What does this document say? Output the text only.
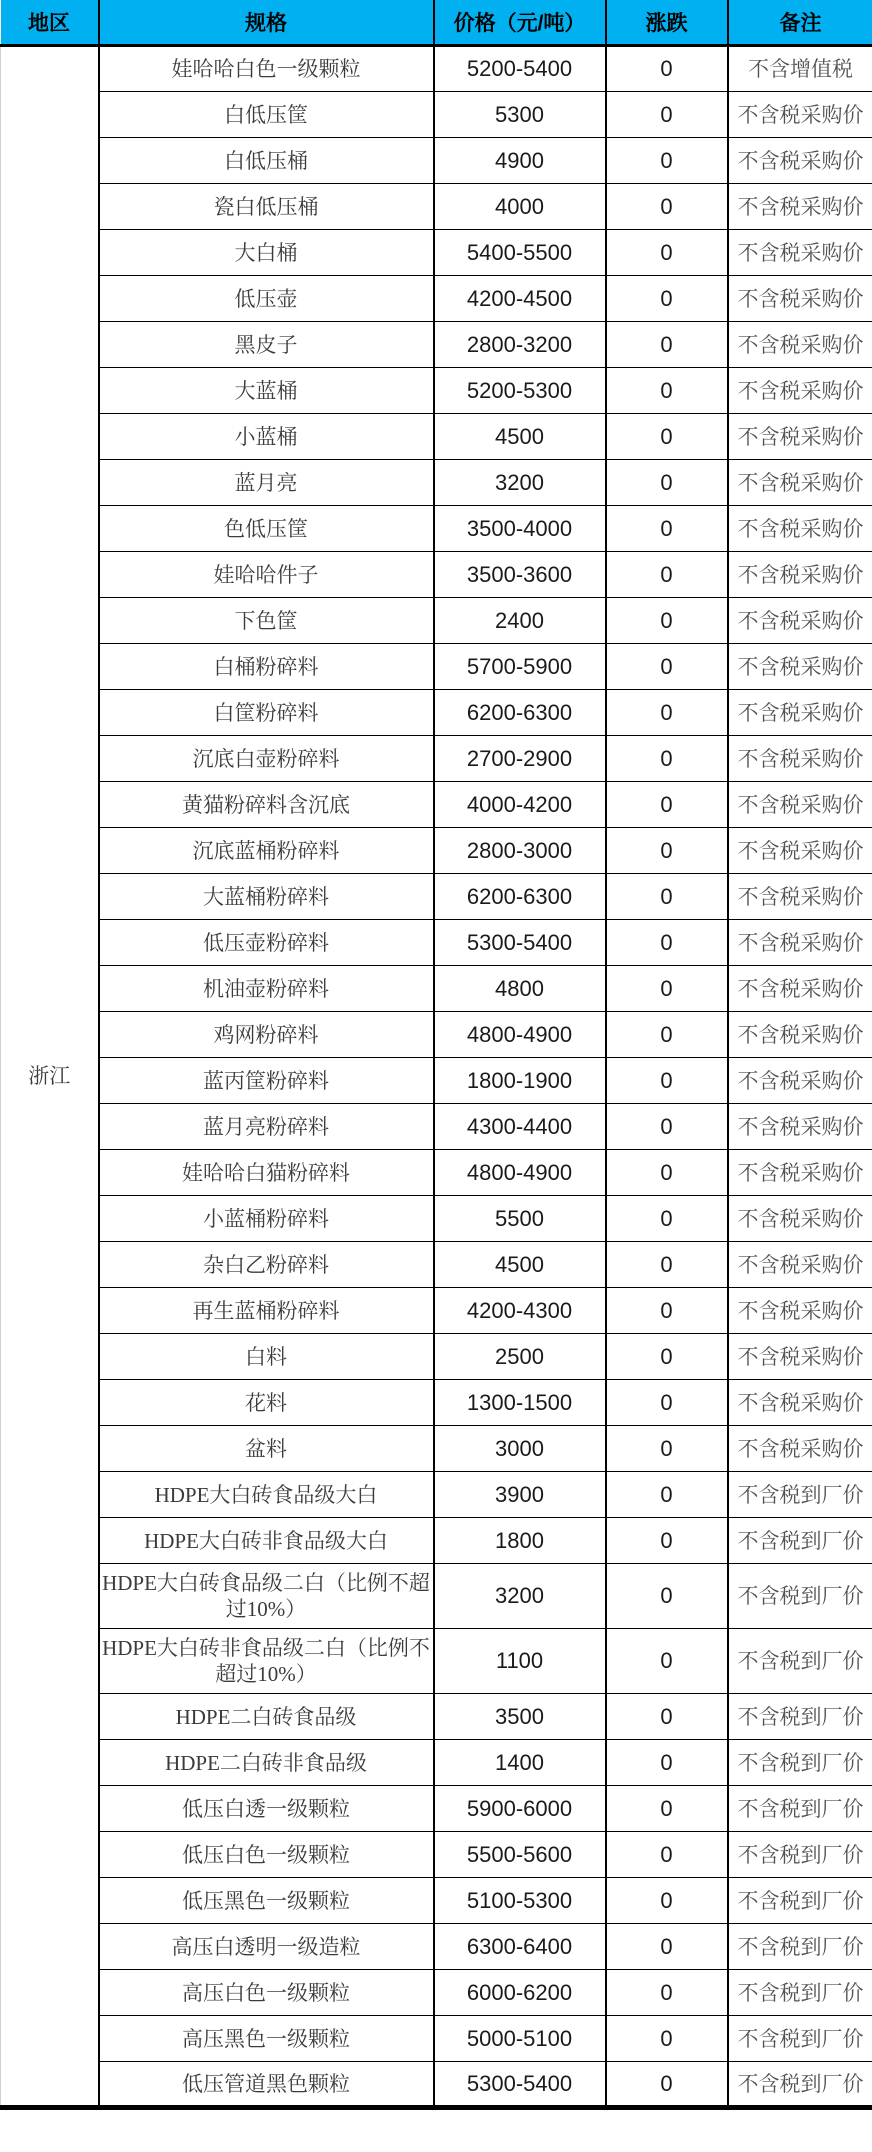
地区	规格	价格（元/吨）	涨跌	备注
浙江	娃哈哈白色一级颗粒	5200-5400	0	不含增值税
	白低压筐	5300	0	不含税采购价
	白低压桶	4900	0	不含税采购价
	瓷白低压桶	4000	0	不含税采购价
	大白桶	5400-5500	0	不含税采购价
	低压壶	4200-4500	0	不含税采购价
	黑皮子	2800-3200	0	不含税采购价
	大蓝桶	5200-5300	0	不含税采购价
	小蓝桶	4500	0	不含税采购价
	蓝月亮	3200	0	不含税采购价
	色低压筐	3500-4000	0	不含税采购价
	娃哈哈件子	3500-3600	0	不含税采购价
	下色筐	2400	0	不含税采购价
	白桶粉碎料	5700-5900	0	不含税采购价
	白筐粉碎料	6200-6300	0	不含税采购价
	沉底白壶粉碎料	2700-2900	0	不含税采购价
	黄猫粉碎料含沉底	4000-4200	0	不含税采购价
	沉底蓝桶粉碎料	2800-3000	0	不含税采购价
	大蓝桶粉碎料	6200-6300	0	不含税采购价
	低压壶粉碎料	5300-5400	0	不含税采购价
	机油壶粉碎料	4800	0	不含税采购价
	鸡网粉碎料	4800-4900	0	不含税采购价
	蓝丙筐粉碎料	1800-1900	0	不含税采购价
	蓝月亮粉碎料	4300-4400	0	不含税采购价
	娃哈哈白猫粉碎料	4800-4900	0	不含税采购价
	小蓝桶粉碎料	5500	0	不含税采购价
	杂白乙粉碎料	4500	0	不含税采购价
	再生蓝桶粉碎料	4200-4300	0	不含税采购价
	白料	2500	0	不含税采购价
	花料	1300-1500	0	不含税采购价
	盆料	3000	0	不含税采购价
	HDPE大白砖食品级大白	3900	0	不含税到厂价
	HDPE大白砖非食品级大白	1800	0	不含税到厂价
	HDPE大白砖食品级二白（比例不超过10%）	3200	0	不含税到厂价
	HDPE大白砖非食品级二白（比例不超过10%）	1100	0	不含税到厂价
	HDPE二白砖食品级	3500	0	不含税到厂价
	HDPE二白砖非食品级	1400	0	不含税到厂价
	低压白透一级颗粒	5900-6000	0	不含税到厂价
	低压白色一级颗粒	5500-5600	0	不含税到厂价
	低压黑色一级颗粒	5100-5300	0	不含税到厂价
	高压白透明一级造粒	6300-6400	0	不含税到厂价
	高压白色一级颗粒	6000-6200	0	不含税到厂价
	高压黑色一级颗粒	5000-5100	0	不含税到厂价
	低压管道黑色颗粒	5300-5400	0	不含税到厂价
